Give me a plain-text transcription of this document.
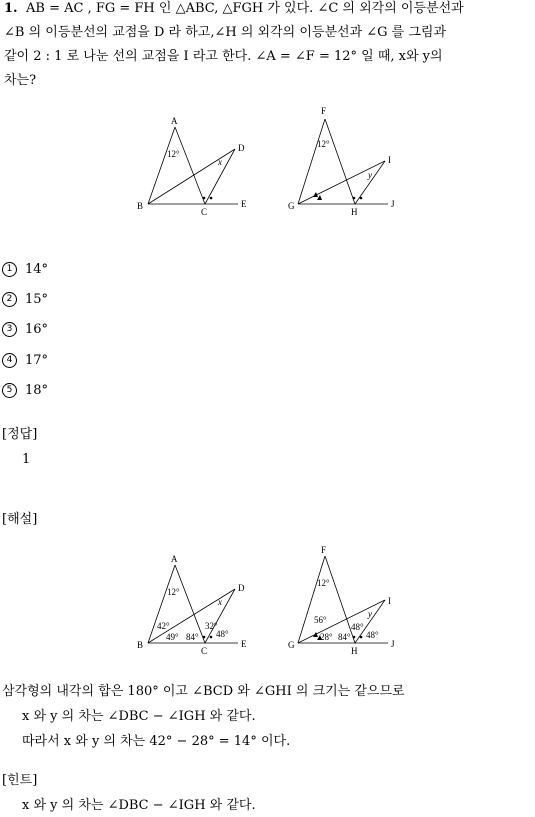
1. AB = AC , FG = FH 인 △ABC, △FGH 가 있다. ∠C 의 외각의 이등분선과
∠B 의 이등분선의 교점을 D 라 하고,∠H 의 외각의 이등분선과 ∠G 를 그림과
같이 2 : 1 로 나눈 선의 교점을 I 라고 한다. ∠A = ∠F = 12° 일 때, x와 y의
차는?
A
12°
D
x
B
C
E
F
12°
I
y
G
H
J
1 14°
2 15°
3 16°
4 17°
5 18°
[정답]
1
[해설]
A
12°	D
x
42°
49° 84°
32°
48°
B
C
E
F
12°
56°
I
y
28° 84°
48°
48°
G
H
J
삼각형의 내각의 합은 180° 이고 ∠BCD 와 ∠GHI 의 크기는 같으므로
x 와 y 의 차는 ∠DBC − ∠IGH 와 같다.
따라서 x 와 y 의 차는 42° − 28° = 14° 이다.
[힌트]
x 와 y 의 차는 ∠DBC − ∠IGH 와 같다.
